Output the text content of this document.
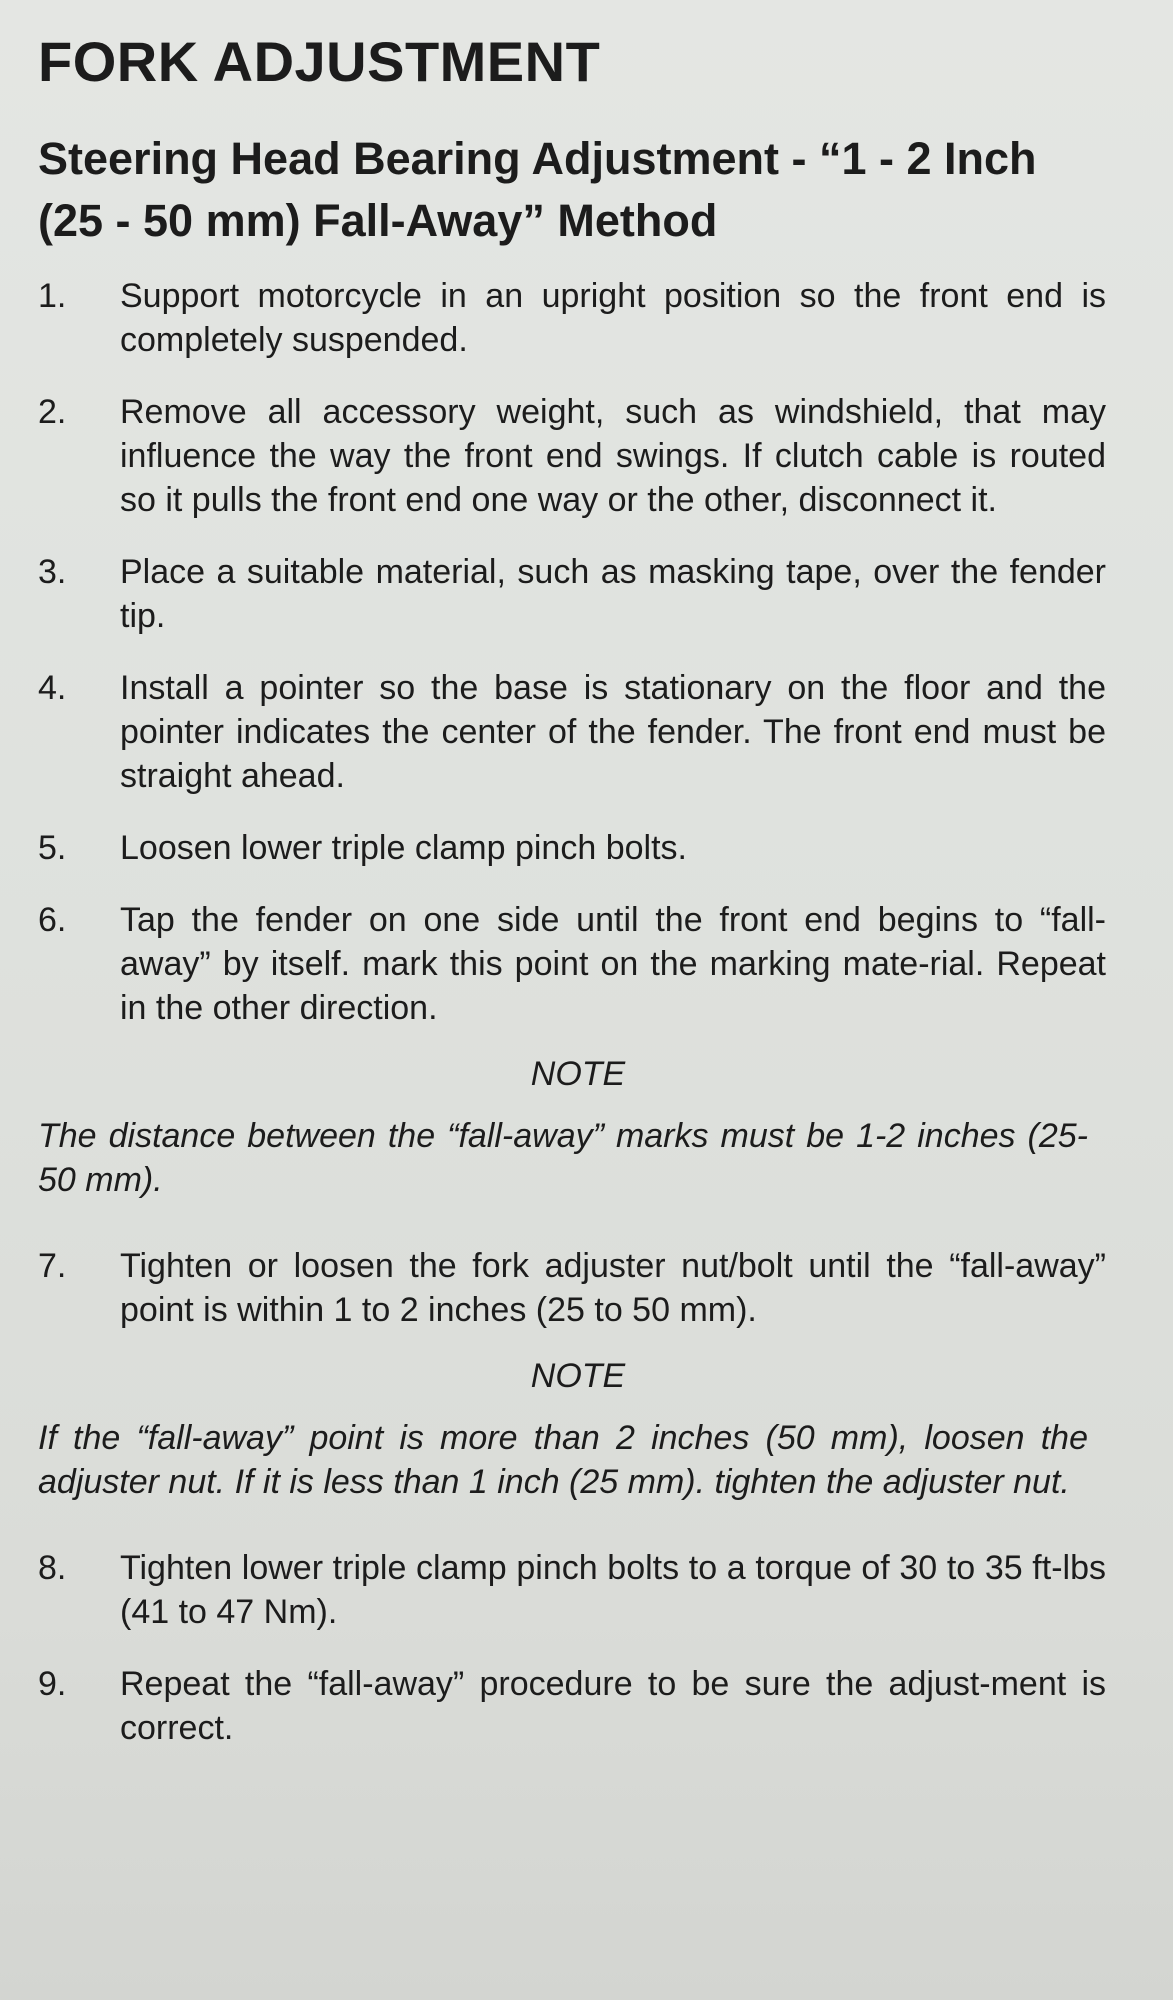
FORK ADJUSTMENT
Steering Head Bearing Adjustment - “1 - 2 Inch (25 - 50 mm) Fall-Away” Method
1.	Support motorcycle in an upright position so the front end is completely suspended.
2.	Remove all accessory weight, such as windshield, that may influence the way the front end swings. If clutch cable is routed so it pulls the front end one way or the other, disconnect it.
3.	Place a suitable material, such as masking tape, over the fender tip.
4.	Install a pointer so the base is stationary on the floor and the pointer indicates the center of the fender. The front end must be straight ahead.
5.	Loosen lower triple clamp pinch bolts.
6.	Tap the fender on one side until the front end begins to “fall-away” by itself. mark this point on the marking mate-rial. Repeat in the other direction.
NOTE
The distance between the “fall-away” marks must be 1-2 inches (25-50 mm).
7.	Tighten or loosen the fork adjuster nut/bolt until the “fall-away” point is within 1 to 2 inches (25 to 50 mm).
NOTE
If the “fall-away” point is more than 2 inches (50 mm), loosen the adjuster nut. If it is less than 1 inch (25 mm). tighten the adjuster nut.
8.	Tighten lower triple clamp pinch bolts to a torque of 30 to 35 ft-lbs (41 to 47 Nm).
9.	Repeat the “fall-away” procedure to be sure the adjust-ment is correct.
